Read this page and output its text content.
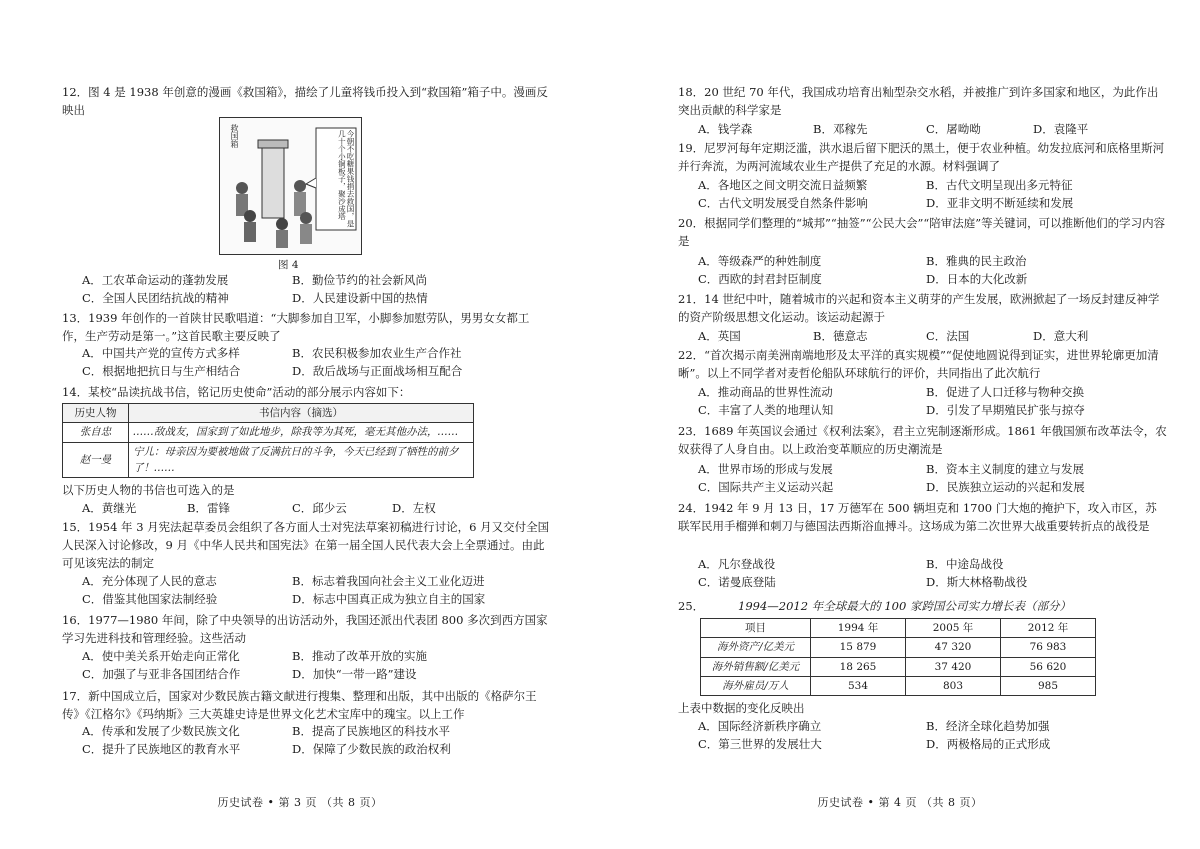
12．图 4 是 1938 年创意的漫画《救国箱》，描绘了儿童将钱币投入到“救国箱”箱子中。漫画反映出
救国箱	今朝不吃糖果钱捐去救国，是几十个小铜板子，聚沙成塔
图 4
A．工农革命运动的蓬勃发展	B．勤俭节约的社会新风尚
C．全国人民团结抗战的精神	D．人民建设新中国的热情
13．1939 年创作的一首陕甘民歌唱道：“大脚参加自卫军，小脚参加慰劳队，男男女女都工作，生产劳动是第一。”这首民歌主要反映了
A．中国共产党的宣传方式多样	B．农民积极参加农业生产合作社
C．根据地把抗日与生产相结合	D．敌后战场与正面战场相互配合
14．某校“品读抗战书信，铭记历史使命”活动的部分展示内容如下：
历史人物	书信内容（摘选）
张自忠	……敌战友，国家到了如此地步，除我等为其死，毫无其他办法，……
赵一曼	宁儿：母亲因为要被地做了反满抗日的斗争，今天已经到了牺牲的前夕了！……
以下历史人物的书信也可选入的是
A．黄继光	B．雷锋	C．邱少云	D．左权
15．1954 年 3 月宪法起草委员会组织了各方面人士对宪法草案初稿进行讨论，6 月又交付全国人民深入讨论修改，9 月《中华人民共和国宪法》在第一届全国人民代表大会上全票通过。由此可见该宪法的制定
A．充分体现了人民的意志	B．标志着我国向社会主义工业化迈进
C．借鉴其他国家法制经验	D．标志中国真正成为独立自主的国家
16．1977—1980 年间，除了中央领导的出访活动外，我国还派出代表团 800 多次到西方国家学习先进科技和管理经验。这些活动
A．使中美关系开始走向正常化	B．推动了改革开放的实施
C．加强了与亚非各国团结合作	D．加快“一带一路”建设
17．新中国成立后，国家对少数民族古籍文献进行搜集、整理和出版，其中出版的《格萨尔王传》《江格尔》《玛纳斯》三大英雄史诗是世界文化艺术宝库中的瑰宝。以上工作
A．传承和发展了少数民族文化	B．提高了民族地区的科技水平
C．提升了民族地区的教育水平	D．保障了少数民族的政治权利
历史试卷 • 第 3 页 （共 8 页）
18．20 世纪 70 年代，我国成功培育出籼型杂交水稻，并被推广到许多国家和地区，为此作出突出贡献的科学家是
A．钱学森	B．邓稼先	C．屠呦呦	D．袁隆平
19．尼罗河每年定期泛滥，洪水退后留下肥沃的黑土，便于农业种植。幼发拉底河和底格里斯河并行奔流，为两河流域农业生产提供了充足的水源。材料强调了
A．各地区之间文明交流日益频繁	B．古代文明呈现出多元特征
C．古代文明发展受自然条件影响	D．亚非文明不断延续和发展
20．根据同学们整理的“城邦”“抽签”“公民大会”“陪审法庭”等关键词，可以推断他们的学习内容是
A．等级森严的种姓制度	B．雅典的民主政治
C．西欧的封君封臣制度	D．日本的大化改新
21．14 世纪中叶，随着城市的兴起和资本主义萌芽的产生发展，欧洲掀起了一场反封建反神学的资产阶级思想文化运动。该运动起源于
A．英国	B．德意志	C．法国	D．意大利
22．“首次揭示南美洲南端地形及太平洋的真实规模”“促使地圆说得到证实，进世界轮廓更加清晰”。以上不同学者对麦哲伦船队环球航行的评价，共同指出了此次航行
A．推动商品的世界性流动	B．促进了人口迁移与物种交换
C．丰富了人类的地理认知	D．引发了早期殖民扩张与掠夺
23．1689 年英国议会通过《权利法案》，君主立宪制逐渐形成。1861 年俄国颁布改革法令，农奴获得了人身自由。以上政治变革顺应的历史潮流是
A．世界市场的形成与发展	B．资本主义制度的建立与发展
C．国际共产主义运动兴起	D．民族独立运动的兴起和发展
24．1942 年 9 月 13 日，17 万德军在 500 辆坦克和 1700 门大炮的掩护下，攻入市区，苏联军民用手榴弹和刺刀与德国法西斯浴血搏斗。这场成为第二次世界大战重要转折点的战役是
A．凡尔登战役	B．中途岛战役
C．诺曼底登陆	D．斯大林格勒战役
25．	1994—2012 年全球最大的 100 家跨国公司实力增长表（部分）
项目	1994 年	2005 年	2012 年
海外资产/亿美元	15 879	47 320	76 983
海外销售额/亿美元	18 265	37 420	56 620
海外雇员/万人	534	803	985
上表中数据的变化反映出
A．国际经济新秩序确立	B．经济全球化趋势加强
C．第三世界的发展壮大	D．两极格局的正式形成
历史试卷 • 第 4 页 （共 8 页）
